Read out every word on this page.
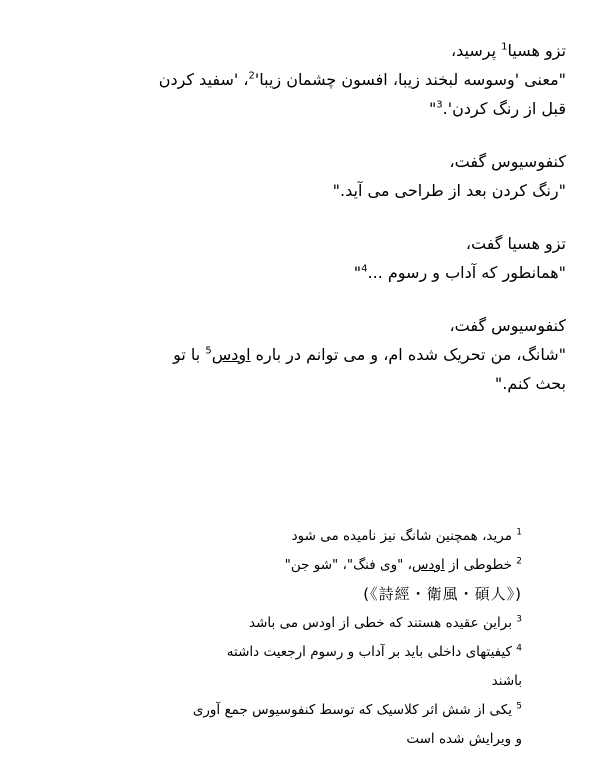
تزو هسیا$^1$ پرسید،

"معنی 'وسوسه لبخند زیبا، افسون چشمان $زیبا'^2،$ 'سفید کردن

قبل از رنگ کردن'.$^3$"

کنفوسیوس گفت،

"رنگ کردن بعد از طراحی می آید."

تزو هسیا گفت،

"همانطور که آداب و رسوم ...$^4$"

کنفوسیوس گفت،

"شانگ، من تحریک شده ام، و می توانم در باره اودس$^5$ با تو

بحث کنم."

$^1$ مرید، همچنین شانگ نیز نامیده می شود

$^2$ خطوطی از اودس، "وی فنگ"، "شو جن"

(《詩經・衛風・碩人》)

$^3$ براین عقیده هستند که خطی از اودس می باشد

$^4$ کیفیتهای داخلی باید بر آداب و رسوم ارجعیت داشته

باشند

$^5$ یکی از شش اثر کلاسیک که توسط کنفوسیوس جمع آوری

و ویرایش شده است
